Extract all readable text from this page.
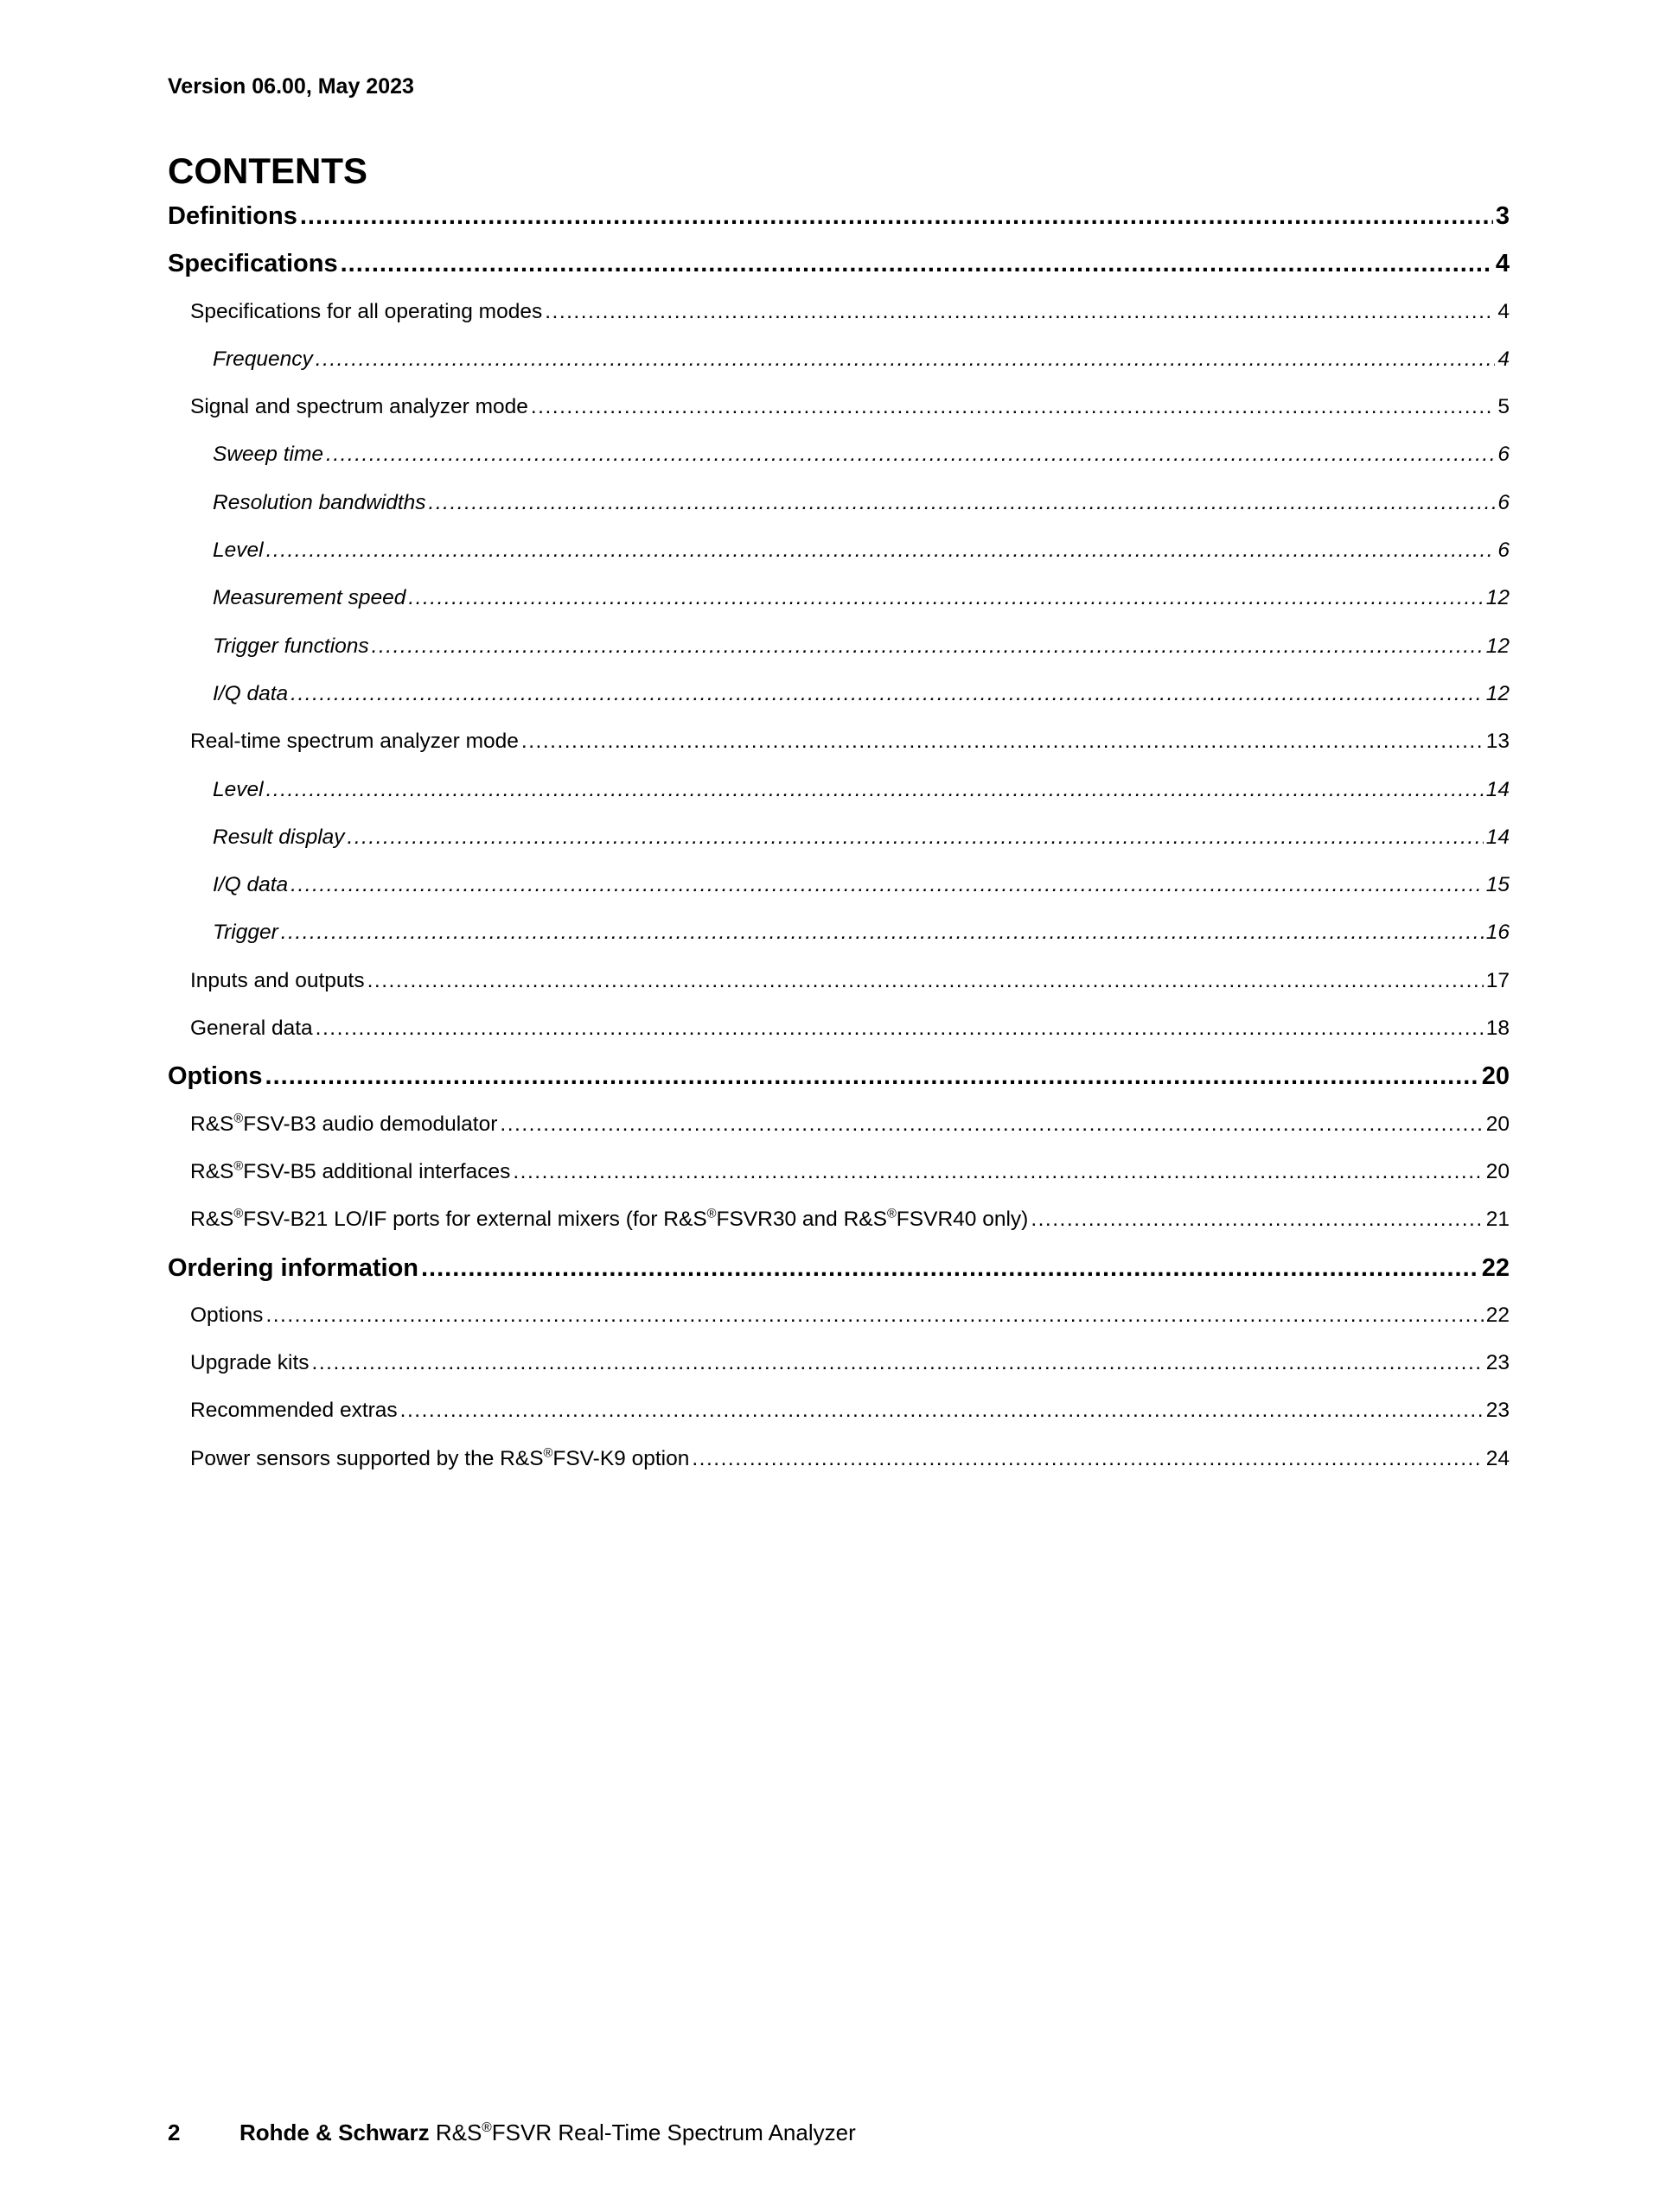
Version 06.00, May 2023
CONTENTS
Definitions .....	3
Specifications .....	4
Specifications for all operating modes .....	4
Frequency .....	4
Signal and spectrum analyzer mode .....	5
Sweep time .....	6
Resolution bandwidths .....	6
Level .....	6
Measurement speed .....	12
Trigger functions .....	12
I/Q data .....	12
Real-time spectrum analyzer mode .....	13
Level .....	14
Result display .....	14
I/Q data .....	15
Trigger .....	16
Inputs and outputs .....	17
General data .....	18
Options .....	20
R&S®FSV-B3 audio demodulator .....	20
R&S®FSV-B5 additional interfaces .....	20
R&S®FSV-B21 LO/IF ports for external mixers (for R&S®FSVR30 and R&S®FSVR40 only) .....	21
Ordering information .....	22
Options .....	22
Upgrade kits .....	23
Recommended extras .....	23
Power sensors supported by the R&S®FSV-K9 option .....	24
2	Rohde & Schwarz R&S®FSVR Real-Time Spectrum Analyzer
